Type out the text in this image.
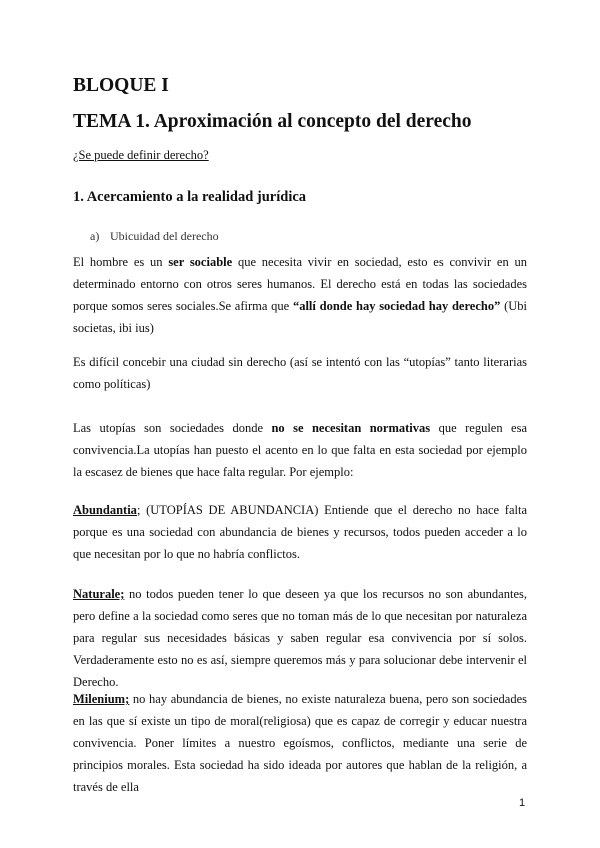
BLOQUE I
TEMA 1. Aproximación al concepto del derecho
¿Se puede definir derecho?
1. Acercamiento a la realidad jurídica
a) Ubicuidad del derecho

El hombre es un ser sociable que necesita vivir en sociedad, esto es convivir en un determinado entorno con otros seres humanos. El derecho está en todas las sociedades porque somos seres sociales.Se afirma que “allí donde hay sociedad hay derecho” (Ubi societas, ibi ius)

Es difícil concebir una ciudad sin derecho (así se intentó con las “utopías” tanto literarias como políticas)

Las utopías son sociedades donde no se necesitan normativas que regulen esa convivencia.La utopías han puesto el acento en lo que falta en esta sociedad por ejemplo la escasez de bienes que hace falta regular. Por ejemplo:

Abundantia; (UTOPÍAS DE ABUNDANCIA) Entiende que el derecho no hace falta porque es una sociedad con abundancia de bienes y recursos, todos pueden acceder a lo que necesitan por lo que no habría conflictos.

Naturale; no todos pueden tener lo que deseen ya que los recursos no son abundantes, pero define a la sociedad como seres que no toman más de lo que necesitan por naturaleza para regular sus necesidades básicas y saben regular esa convivencia por sí solos. Verdaderamente esto no es así, siempre queremos más y para solucionar debe intervenir el Derecho.

Milenium; no hay abundancia de bienes, no existe naturaleza buena, pero son sociedades en las que sí existe un tipo de moral(religiosa) que es capaz de corregir y educar nuestra convivencia. Poner límites a nuestro egoísmos, conflictos, mediante una serie de principios morales. Esta sociedad ha sido ideada por autores que hablan de la religión, a través de ella

1
